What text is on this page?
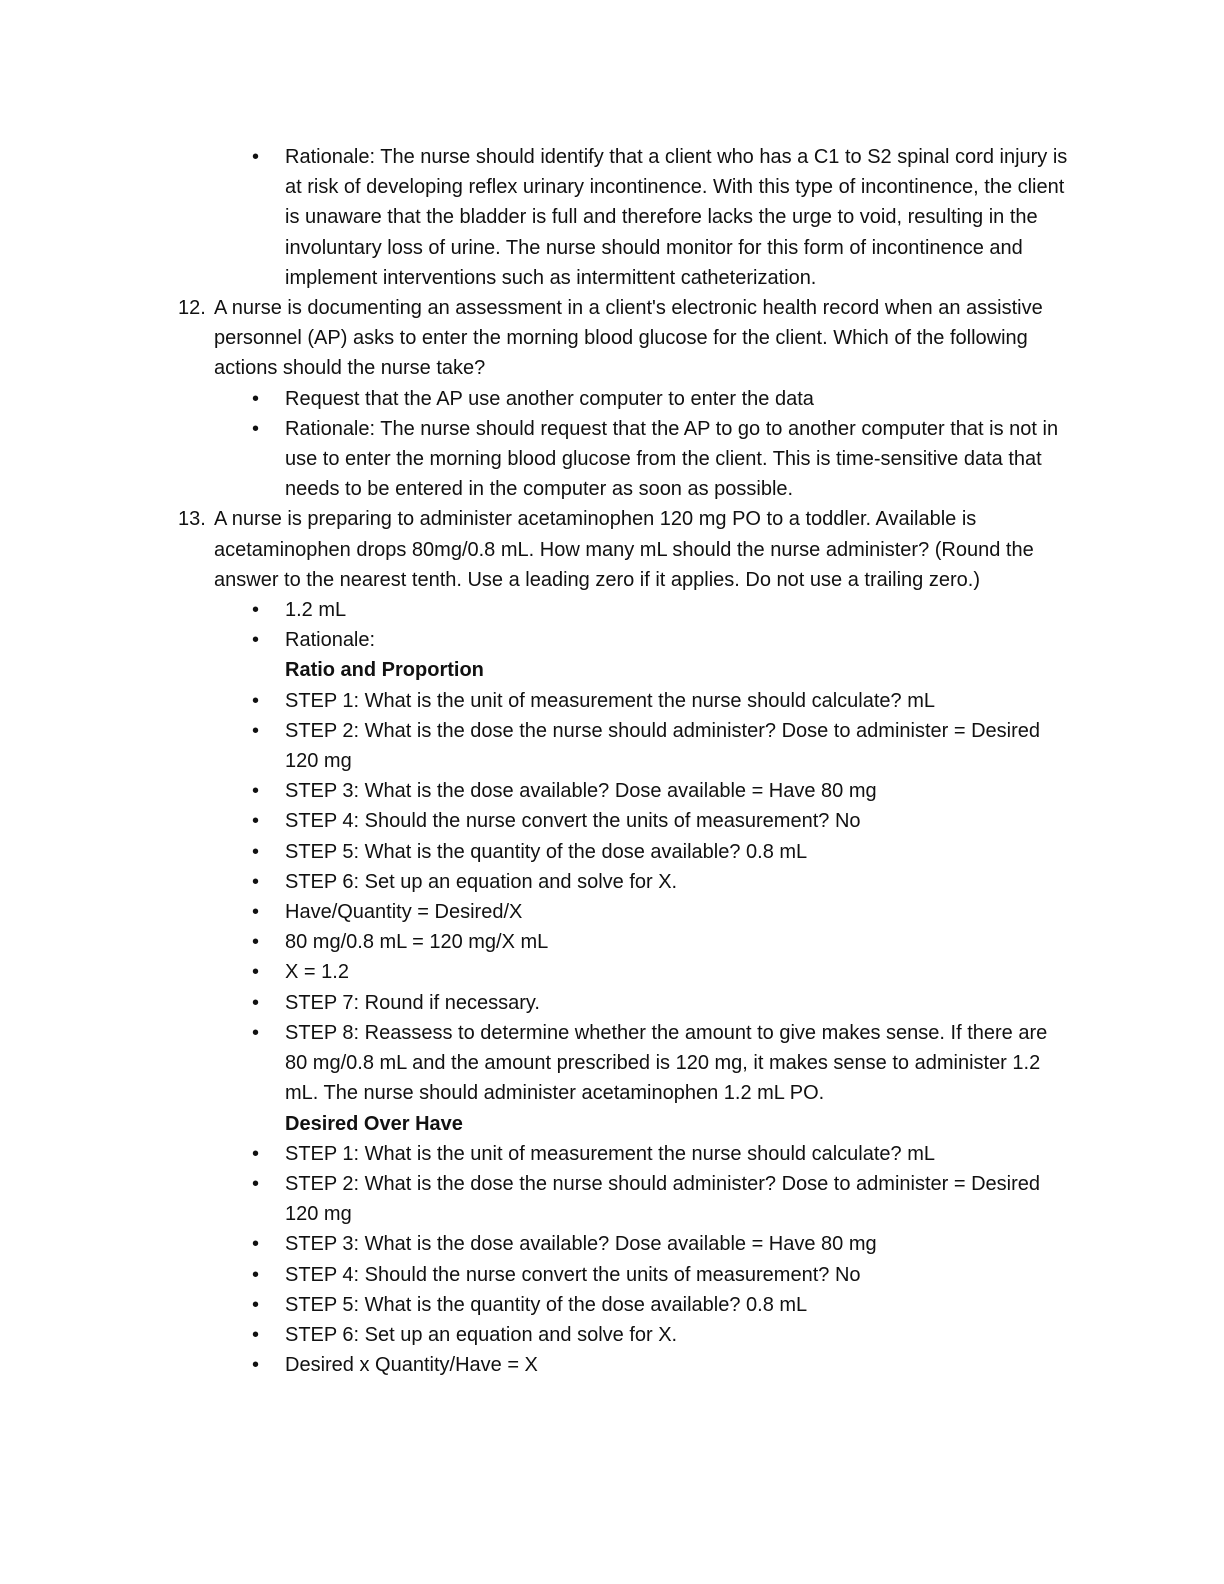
• Rationale: The nurse should identify that a client who has a C1 to S2 spinal cord injury is at risk of developing reflex urinary incontinence. With this type of incontinence, the client is unaware that the bladder is full and therefore lacks the urge to void, resulting in the involuntary loss of urine. The nurse should monitor for this form of incontinence and implement interventions such as intermittent catheterization.
12. A nurse is documenting an assessment in a client's electronic health record when an assistive personnel (AP) asks to enter the morning blood glucose for the client. Which of the following actions should the nurse take?
• Request that the AP use another computer to enter the data
• Rationale: The nurse should request that the AP to go to another computer that is not in use to enter the morning blood glucose from the client. This is time-sensitive data that needs to be entered in the computer as soon as possible.
13. A nurse is preparing to administer acetaminophen 120 mg PO to a toddler. Available is acetaminophen drops 80mg/0.8 mL. How many mL should the nurse administer? (Round the answer to the nearest tenth. Use a leading zero if it applies. Do not use a trailing zero.)
• 1.2 mL
• Rationale:
Ratio and Proportion
• STEP 1: What is the unit of measurement the nurse should calculate? mL
• STEP 2: What is the dose the nurse should administer? Dose to administer = Desired 120 mg
• STEP 3: What is the dose available? Dose available = Have 80 mg
• STEP 4: Should the nurse convert the units of measurement? No
• STEP 5: What is the quantity of the dose available? 0.8 mL
• STEP 6: Set up an equation and solve for X.
• Have/Quantity = Desired/X
• 80 mg/0.8 mL = 120 mg/X mL
• X = 1.2
• STEP 7: Round if necessary.
• STEP 8: Reassess to determine whether the amount to give makes sense. If there are 80 mg/0.8 mL and the amount prescribed is 120 mg, it makes sense to administer 1.2 mL. The nurse should administer acetaminophen 1.2 mL PO.
Desired Over Have
• STEP 1: What is the unit of measurement the nurse should calculate? mL
• STEP 2: What is the dose the nurse should administer? Dose to administer = Desired 120 mg
• STEP 3: What is the dose available? Dose available = Have 80 mg
• STEP 4: Should the nurse convert the units of measurement? No
• STEP 5: What is the quantity of the dose available? 0.8 mL
• STEP 6: Set up an equation and solve for X.
• Desired x Quantity/Have = X
